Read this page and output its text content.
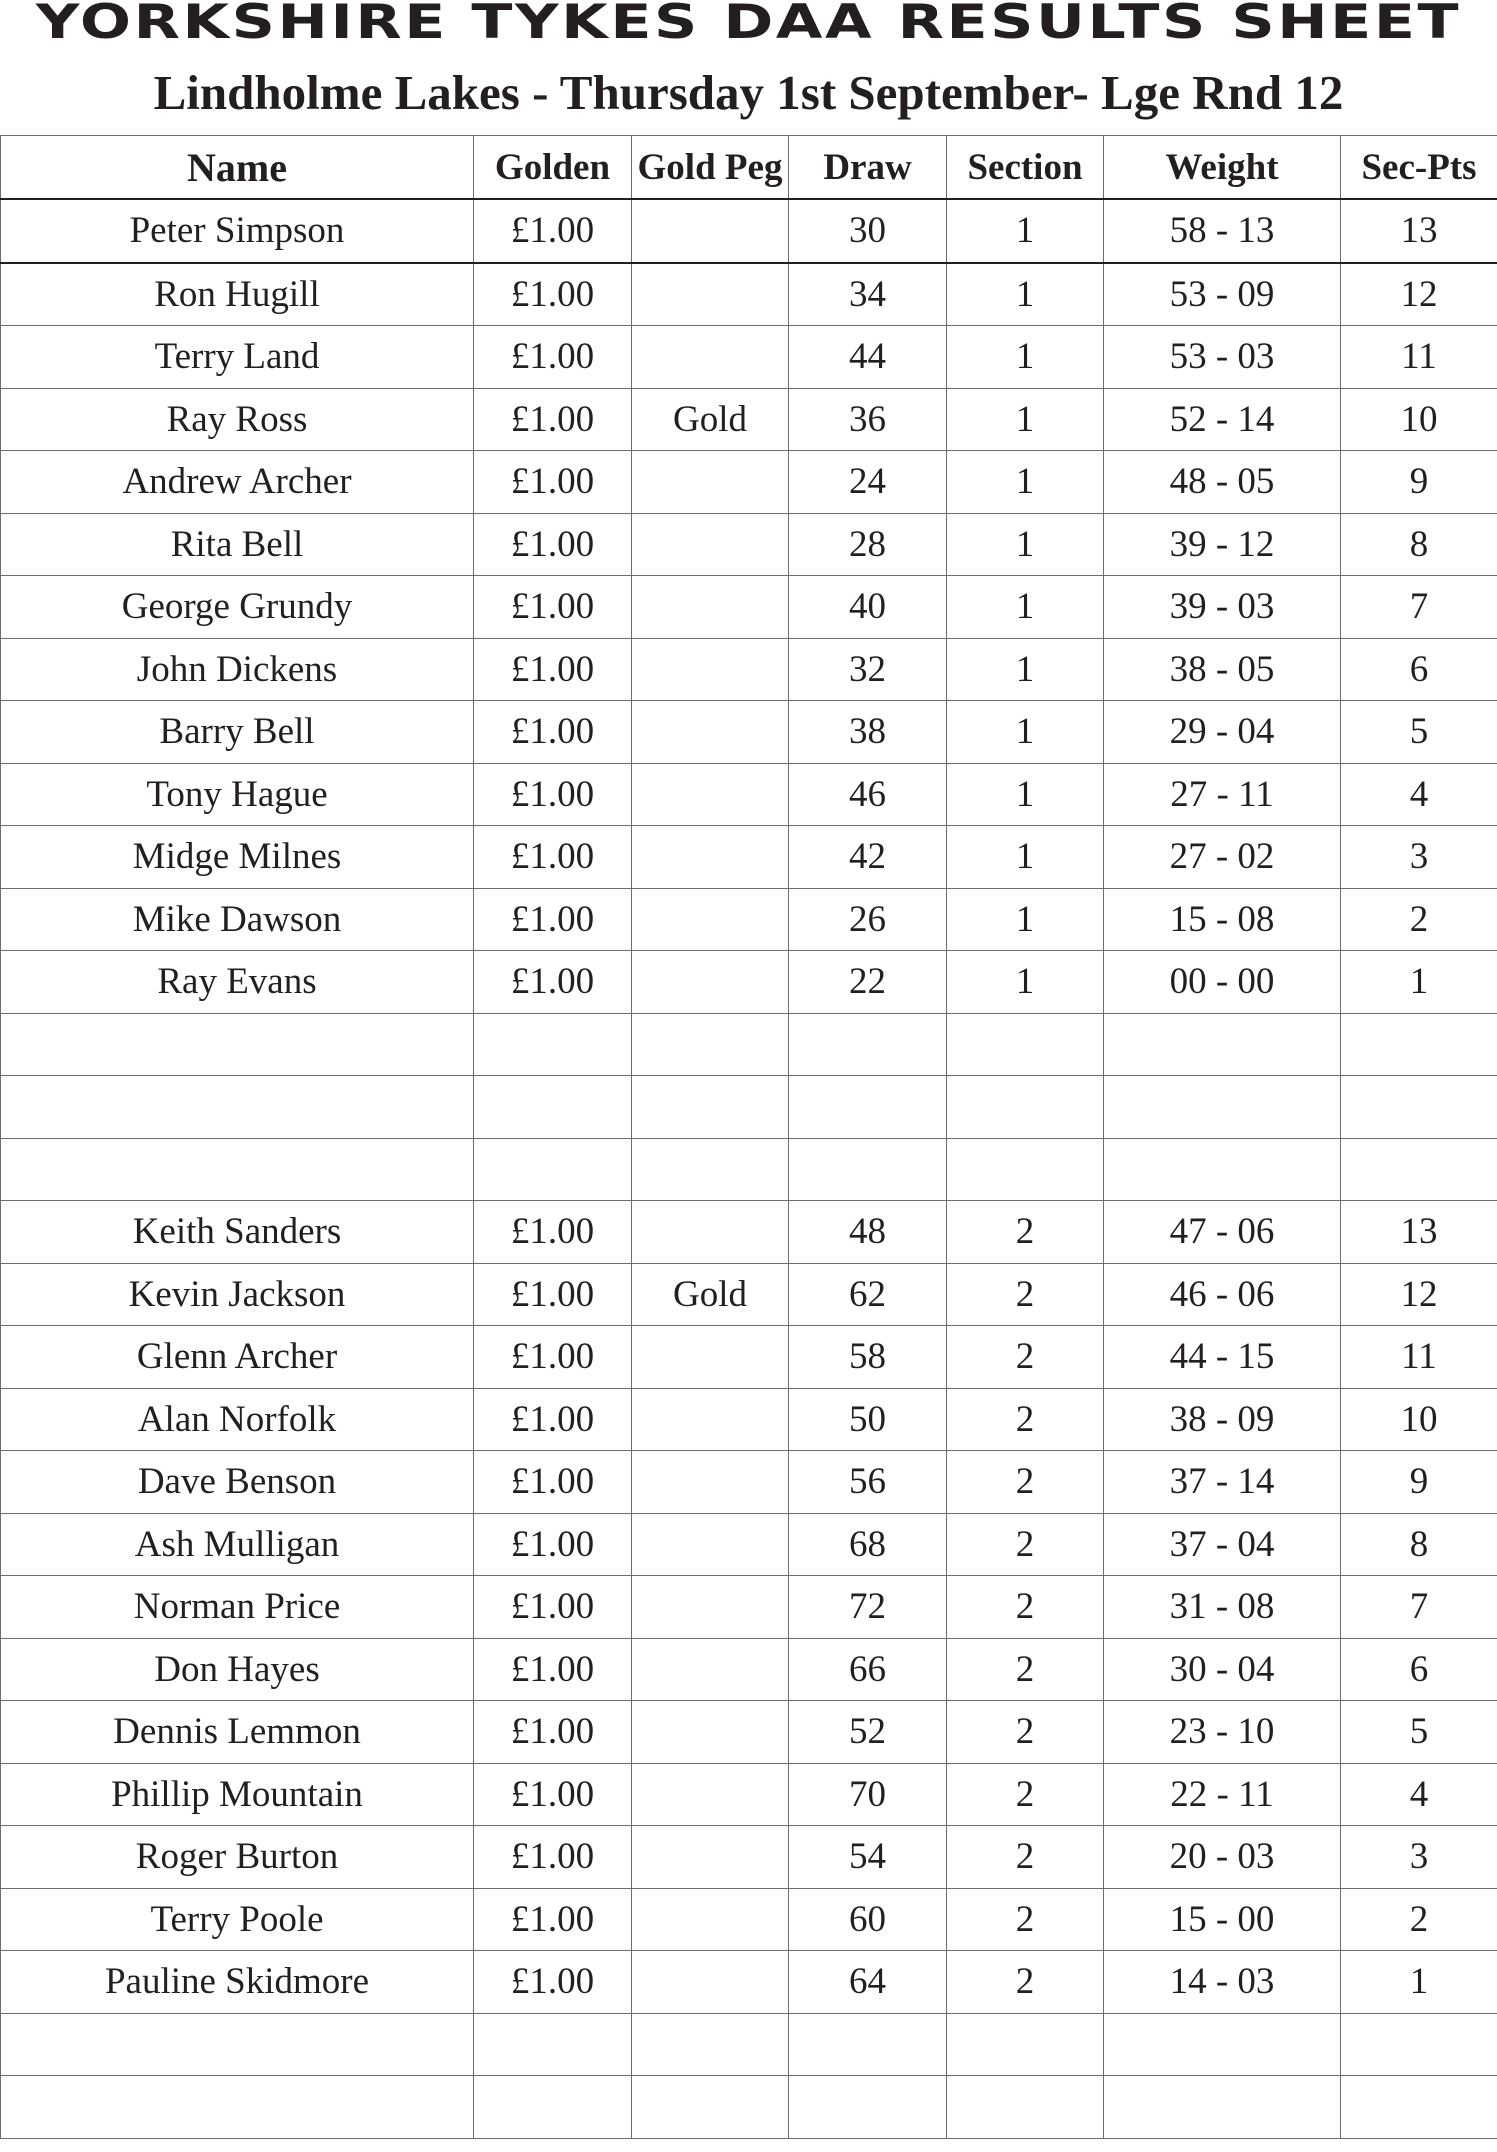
YORKSHIRE TYKES DAA RESULTS SHEET
Lindholme Lakes - Thursday 1st September- Lge Rnd 12
Name	Golden	Gold Peg	Draw	Section	Weight	Sec-Pts
Peter Simpson	£1.00		30	1	58 - 13	13
Ron Hugill	£1.00		34	1	53 - 09	12
Terry Land	£1.00		44	1	53 - 03	11
Ray Ross	£1.00	Gold	36	1	52 - 14	10
Andrew Archer	£1.00		24	1	48 - 05	9
Rita Bell	£1.00		28	1	39 - 12	8
George Grundy	£1.00		40	1	39 - 03	7
John Dickens	£1.00		32	1	38 - 05	6
Barry Bell	£1.00		38	1	29 - 04	5
Tony Hague	£1.00		46	1	27 - 11	4
Midge Milnes	£1.00		42	1	27 - 02	3
Mike Dawson	£1.00		26	1	15 - 08	2
Ray Evans	£1.00		22	1	00 - 00	1

Keith Sanders	£1.00		48	2	47 - 06	13
Kevin Jackson	£1.00	Gold	62	2	46 - 06	12
Glenn Archer	£1.00		58	2	44 - 15	11
Alan Norfolk	£1.00		50	2	38 - 09	10
Dave Benson	£1.00		56	2	37 - 14	9
Ash Mulligan	£1.00		68	2	37 - 04	8
Norman Price	£1.00		72	2	31 - 08	7
Don Hayes	£1.00		66	2	30 - 04	6
Dennis Lemmon	£1.00		52	2	23 - 10	5
Phillip Mountain	£1.00		70	2	22 - 11	4
Roger Burton	£1.00		54	2	20 - 03	3
Terry Poole	£1.00		60	2	15 - 00	2
Pauline Skidmore	£1.00		64	2	14 - 03	1
